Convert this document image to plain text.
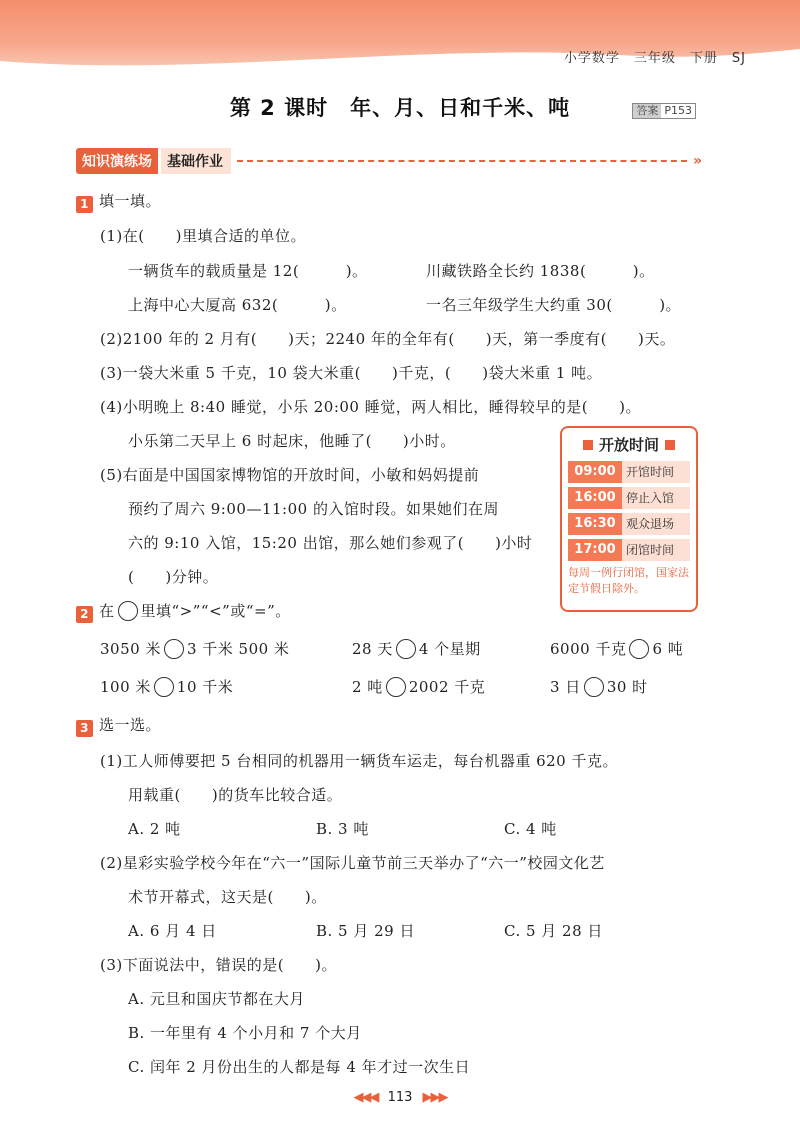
小学数学 三年级 下册 SJ
第 2 课时　年、月、日和千米、吨	答案 P153
知识演练场	基础作业	»
1 填一填。
(1)在(　　)里填合适的单位。
一辆货车的载质量是 12(　　　)。	川藏铁路全长约 1838(　　　)。
上海中心大厦高 632(　　　)。	一名三年级学生大约重 30(　　　)。
(2)2100 年的 2 月有(　　)天；2240 年的全年有(　　)天，第一季度有(　　)天。
(3)一袋大米重 5 千克，10 袋大米重(　　)千克，(　　)袋大米重 1 吨。
(4)小明晚上 8:40 睡觉，小乐 20:00 睡觉，两人相比，睡得较早的是(　　)。
小乐第二天早上 6 时起床，他睡了(　　)小时。
(5)右面是中国国家博物馆的开放时间，小敏和妈妈提前
预约了周六 9:00—11:00 的入馆时段。如果她们在周
六的 9:10 入馆，15:20 出馆，那么她们参观了(　　)小时
(　　)分钟。
开放时间
09:00 开馆时间
16:00 停止入馆
16:30 观众退场
17:00 闭馆时间
每周一例行闭馆，国家法定节假日除外。
2 在 里填“>”“<”或“=”。
3050 米 3 千米 500 米	28 天 4 个星期	6000 千克 6 吨
100 米 10 千米	2 吨 2002 千克	3 日 30 时
3 选一选。
(1)工人师傅要把 5 台相同的机器用一辆货车运走，每台机器重 620 千克。
用载重(　　)的货车比较合适。
A. 2 吨	B. 3 吨	C. 4 吨
(2)星彩实验学校今年在“六一”国际儿童节前三天举办了“六一”校园文化艺
术节开幕式，这天是(　　)。
A. 6 月 4 日	B. 5 月 29 日	C. 5 月 28 日
(3)下面说法中，错误的是(　　)。
A. 元旦和国庆节都在大月
B. 一年里有 4 个小月和 7 个大月
C. 闰年 2 月份出生的人都是每 4 年才过一次生日
◀◀◀ 113 ▶▶▶
